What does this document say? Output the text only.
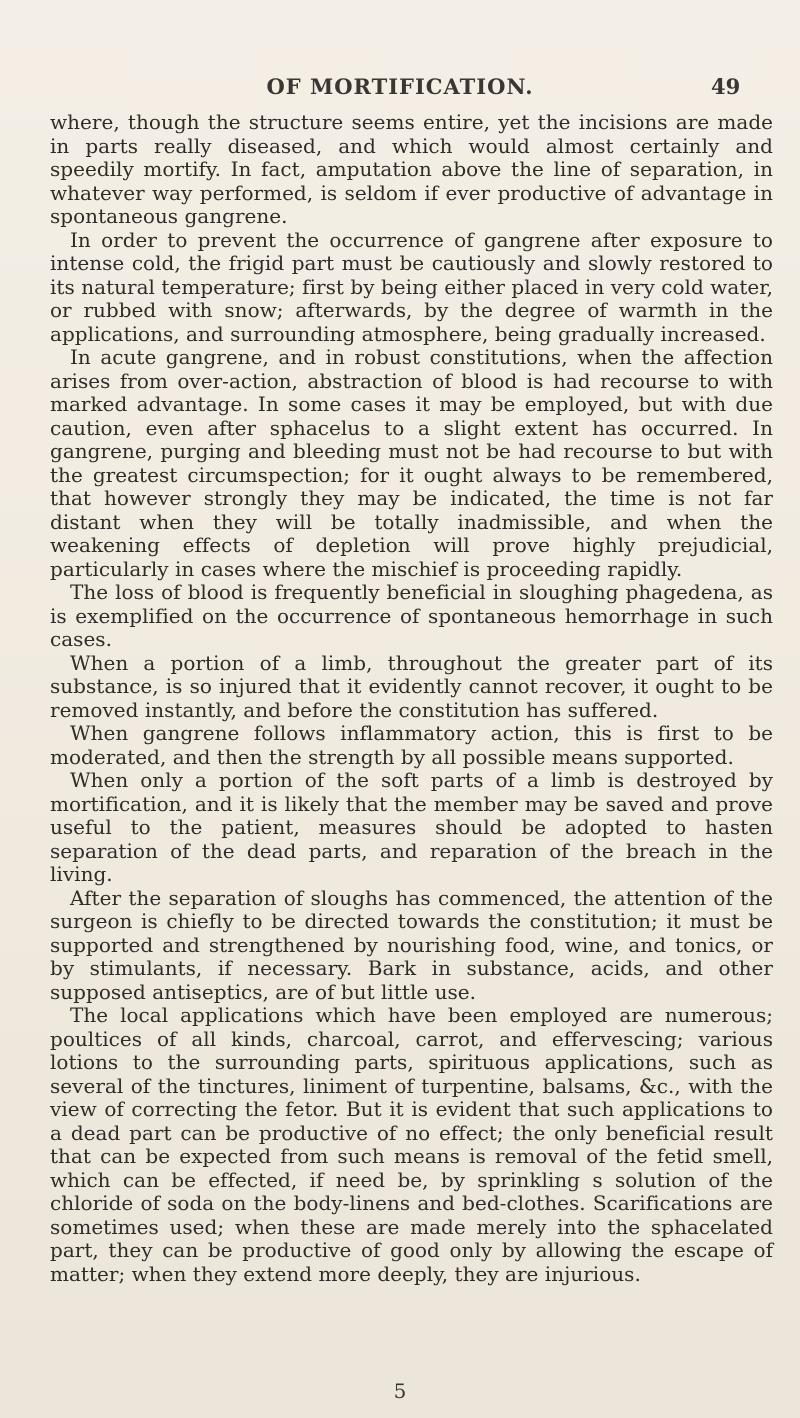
OF MORTIFICATION.	49

where, though the structure seems entire, yet the incisions are made in parts really diseased, and which would almost certainly and speedily mortify. In fact, amputation above the line of separation, in whatever way performed, is seldom if ever productive of advantage in spontaneous gangrene.

In order to prevent the occurrence of gangrene after exposure to intense cold, the frigid part must be cautiously and slowly restored to its natural temperature; first by being either placed in very cold water, or rubbed with snow; afterwards, by the degree of warmth in the applications, and surrounding atmosphere, being gradually increased.

In acute gangrene, and in robust constitutions, when the affection arises from over-action, abstraction of blood is had recourse to with marked advantage. In some cases it may be employed, but with due caution, even after sphacelus to a slight extent has occurred. In gangrene, purging and bleeding must not be had recourse to but with the greatest circumspection; for it ought always to be remembered, that however strongly they may be indicated, the time is not far distant when they will be totally inadmissible, and when the weakening effects of depletion will prove highly prejudicial, particularly in cases where the mischief is proceeding rapidly.

The loss of blood is frequently beneficial in sloughing phagedena, as is exemplified on the occurrence of spontaneous hemorrhage in such cases.

When a portion of a limb, throughout the greater part of its substance, is so injured that it evidently cannot recover, it ought to be removed instantly, and before the constitution has suffered.

When gangrene follows inflammatory action, this is first to be moderated, and then the strength by all possible means supported.

When only a portion of the soft parts of a limb is destroyed by mortification, and it is likely that the member may be saved and prove useful to the patient, measures should be adopted to hasten separation of the dead parts, and reparation of the breach in the living.

After the separation of sloughs has commenced, the attention of the surgeon is chiefly to be directed towards the constitution; it must be supported and strengthened by nourishing food, wine, and tonics, or by stimulants, if necessary. Bark in substance, acids, and other supposed antiseptics, are of but little use.

The local applications which have been employed are numerous; poultices of all kinds, charcoal, carrot, and effervescing; various lotions to the surrounding parts, spirituous applications, such as several of the tinctures, liniment of turpentine, balsams, &c., with the view of correcting the fetor. But it is evident that such applications to a dead part can be productive of no effect; the only beneficial result that can be expected from such means is removal of the fetid smell, which can be effected, if need be, by sprinkling s solution of the chloride of soda on the body-linens and bed-clothes. Scarifications are sometimes used; when these are made merely into the sphacelated part, they can be productive of good only by allowing the escape of matter; when they extend more deeply, they are injurious.

5
